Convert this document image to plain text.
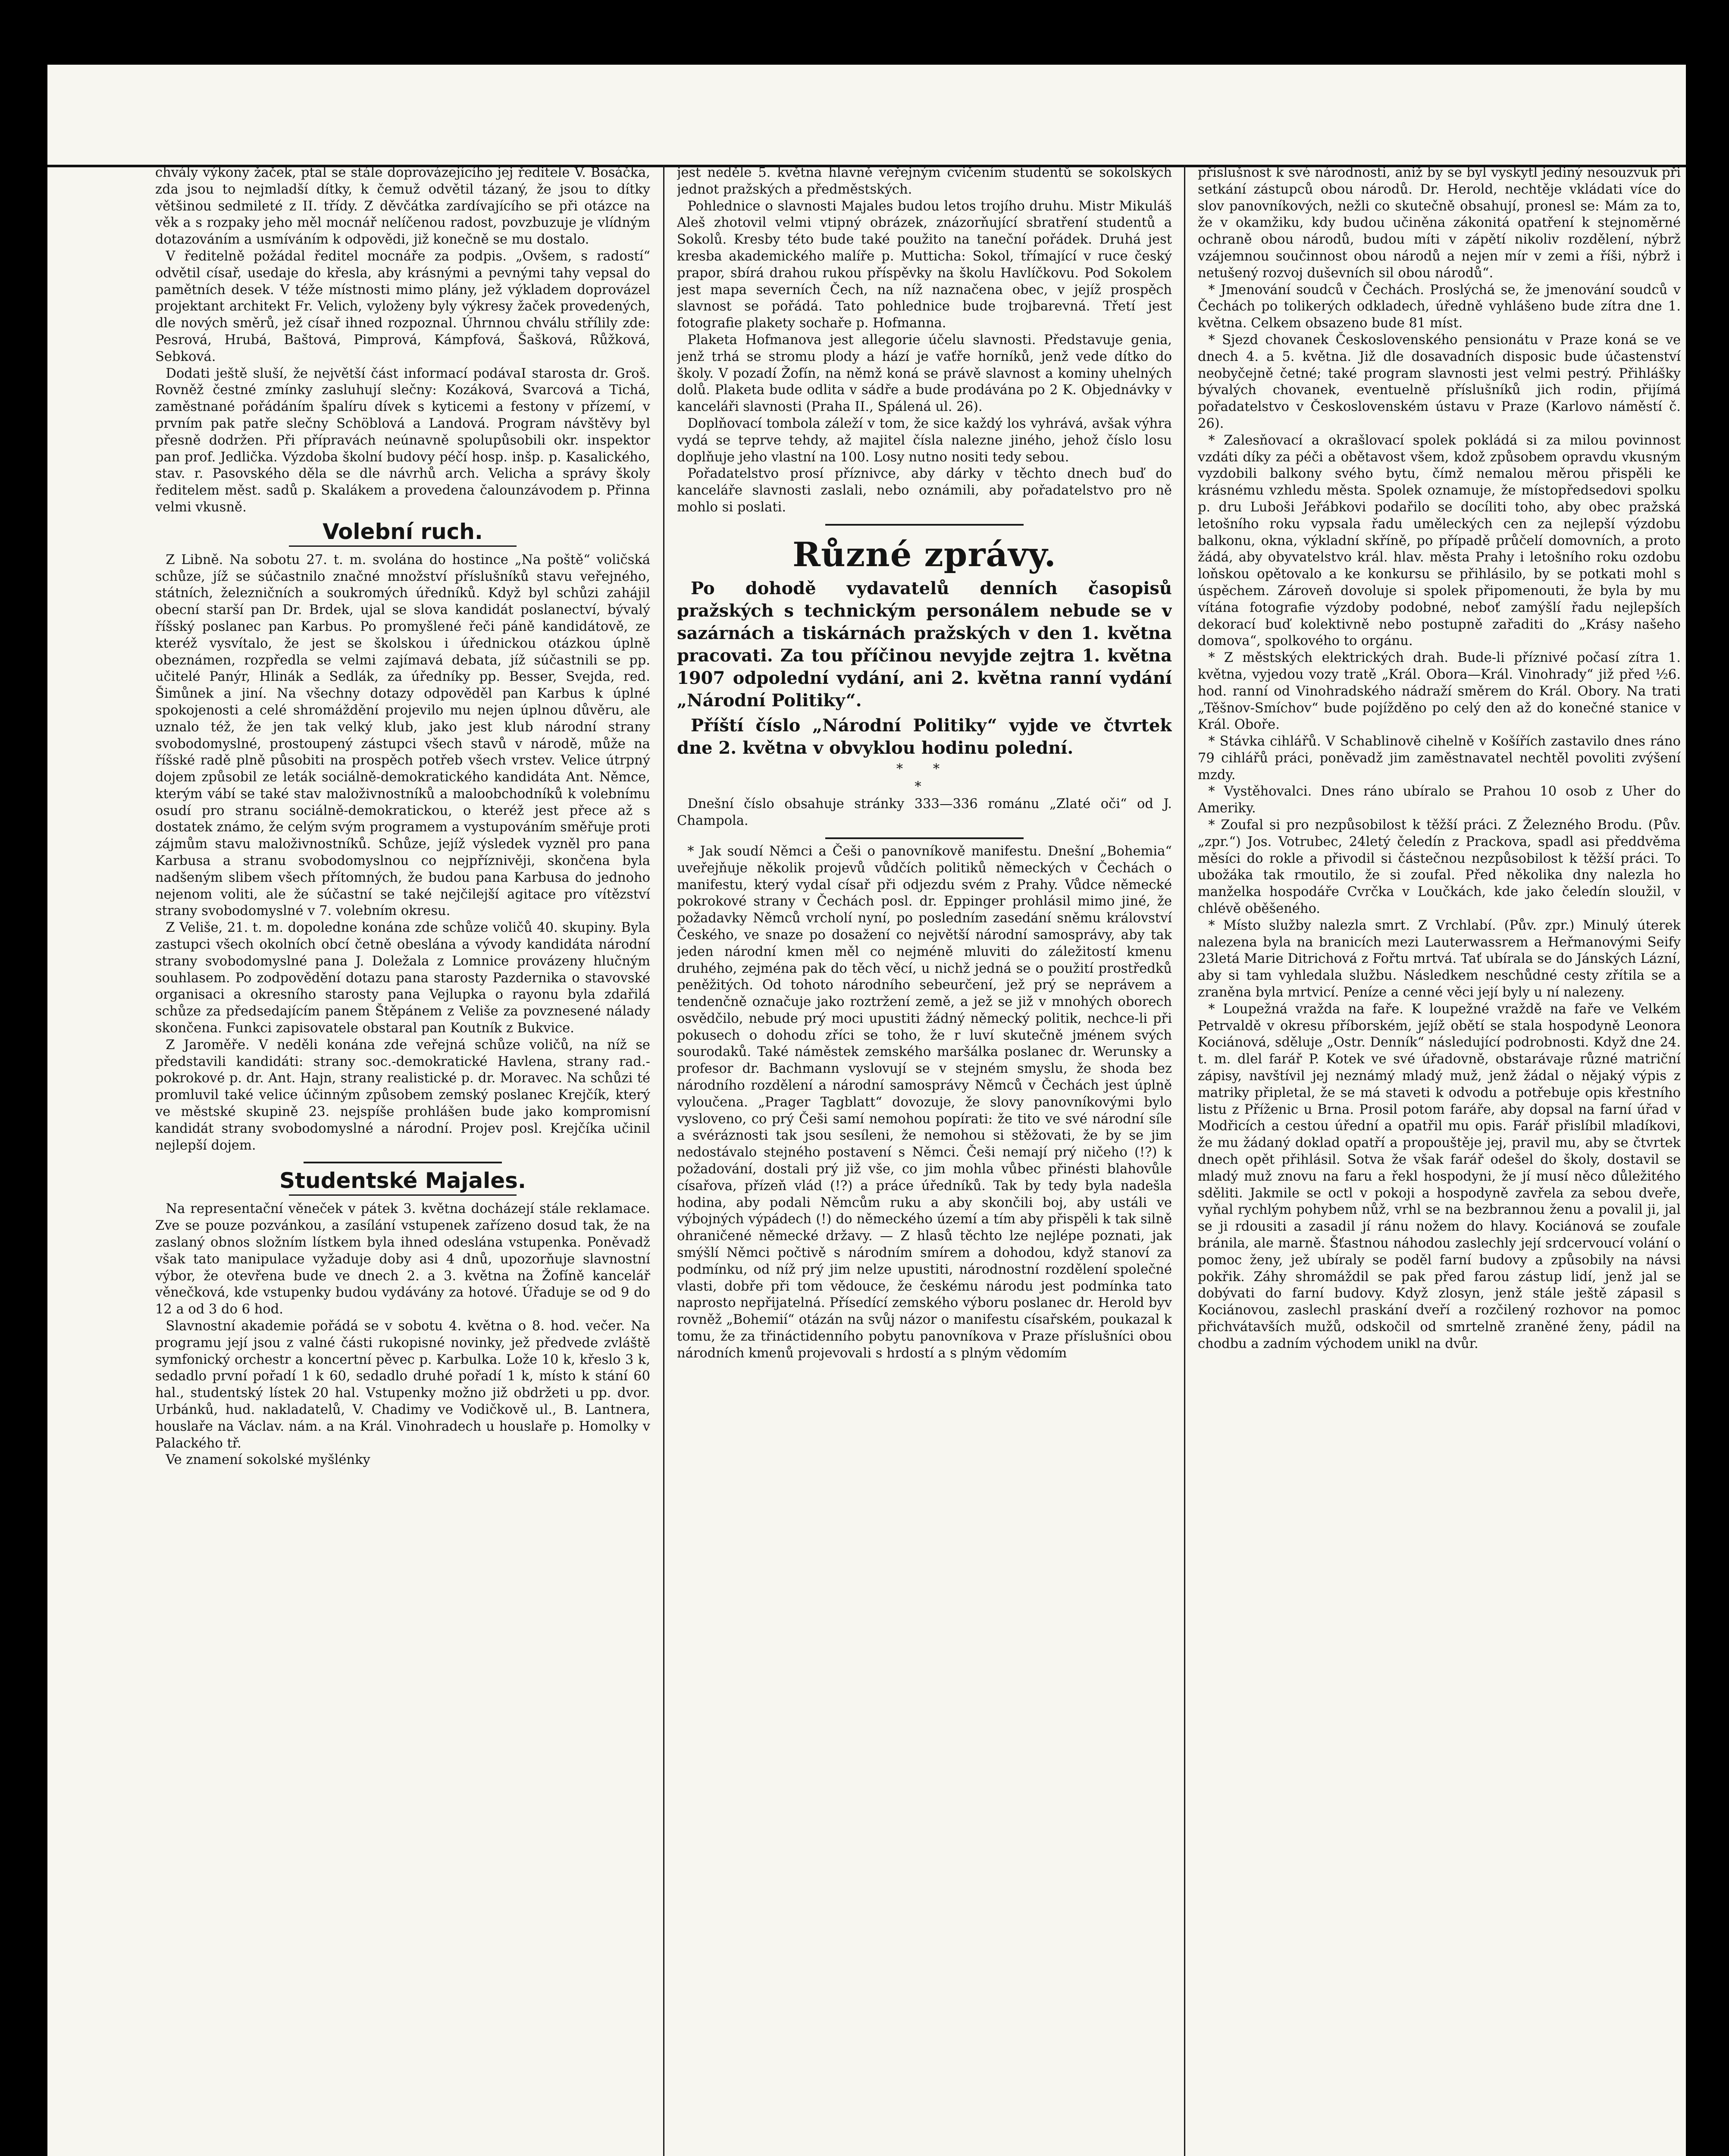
chvály výkony žaček, ptal se stále doprovázejícího jej ředitele V. Bosáčka, zda jsou to nejmladší dítky, k čemuž odvětil tázaný, že jsou to dítky většinou sedmileté z II. třídy. Z děvčátka zardívajícího se při otázce na věk a s rozpaky jeho měl mocnář nelíčenou radost, povzbuzuje je vlídným dotazováním a usmíváním k odpovědi, již konečně se mu dostalo.

V ředitelně požádal ředitel mocnáře za podpis. „Ovšem, s radostí“ odvětil císař, usedaje do křesla, aby krásnými a pevnými tahy vepsal do pamětních desek. V téže místnosti mimo plány, jež výkladem doprovázel projektant architekt Fr. Velich, vyloženy byly výkresy žaček provedených, dle nových směrů, jež císař ihned rozpoznal. Úhrnnou chválu střílily zde: Pesrová, Hrubá, Baštová, Pimprová, Kámpfová, Šašková, Růžková, Sebková.

Dodati ještě sluší, že největší část informací podávaI starosta dr. Groš. Rovněž čestné zmínky zasluhují slečny: Kozáková, Svarcová a Tichá, zaměstnané pořádáním špalíru dívek s kyticemi a festony v přízemí, v prvním pak patře slečny Schöblová a Landová. Program návštěvy byl přesně dodržen. Při přípravách neúnavně spolupůsobili okr. inspektor pan prof. Jedlička. Výzdoba školní budovy péčí hosp. inšp. p. Kasalického, stav. r. Pasovského děla se dle návrhů arch. Velicha a správy školy ředitelem měst. sadů p. Skalákem a provedena čalounzávodem p. Přinna velmi vkusně.

Volební ruch.

Z Libně. Na sobotu 27. t. m. svolána do hostince „Na poště“ voličská schůze, jíž se súčastnilo značné množství příslušníků stavu veřejného, státních, železničních a soukromých úředníků. Když byl schůzi zahájil obecní starší pan Dr. Brdek, ujal se slova kandidát poslanectví, bývalý říšský poslanec pan Karbus. Po promyšlené řeči páně kandidátově, ze kteréž vysvítalo, že jest se školskou i úřednickou otázkou úplně obeznámen, rozpředla se velmi zajímavá debata, jíž súčastnili se pp. učitelé Panýr, Hlinák a Sedlák, za úředníky pp. Besser, Svejda, red. Šimůnek a jiní. Na všechny dotazy odpověděl pan Karbus k úplné spokojenosti a celé shromáždění projevilo mu nejen úplnou důvěru, ale uznalo též, že jen tak velký klub, jako jest klub národní strany svobodomyslné, prostoupený zástupci všech stavů v národě, může na říšské radě plně působiti na prospěch potřeb všech vrstev. Velice útrpný dojem způsobil ze leták sociálně-demokratického kandidáta Ant. Němce, kterým vábí se také stav maloživnostníků a maloobchodníků k volebnímu osudí pro stranu sociálně-demokratickou, o kteréž jest přece až s dostatek známo, že celým svým programem a vystupováním směřuje proti zájmům stavu maloživnostníků. Schůze, jejíž výsledek vyzněl pro pana Karbusa a stranu svobodomyslnou co nejpříznivěji, skončena byla nadšeným slibem všech přítomných, že budou pana Karbusa do jednoho nejenom voliti, ale že súčastní se také nejčilejší agitace pro vítězství strany svobodomyslné v 7. volebním okresu.

Z Veliše, 21. t. m. dopoledne konána zde schůze voličů 40. skupiny. Byla zastupci všech okolních obcí četně obeslána a vývody kandidáta národní strany svobodomyslné pana J. Doležala z Lomnice provázeny hlučným souhlasem. Po zodpovědění dotazu pana starosty Pazdernika o stavovské organisaci a okresního starosty pana Vejlupka o rayonu byla zdařilá schůze za předsedajícím panem Štěpánem z Veliše za povznesené nálady skončena. Funkci zapisovatele obstaral pan Koutník z Bukvice.

Z Jaroměře. V neděli konána zde veřejná schůze voličů, na níž se představili kandidáti: strany soc.-demokratické Havlena, strany rad.-pokrokové p. dr. Ant. Hajn, strany realistické p. dr. Moravec. Na schůzi té promluvil také velice účinným způsobem zemský poslanec Krejčík, který ve městské skupině 23. nejspíše prohlášen bude jako kompromisní kandidát strany svobodomyslné a národní. Projev posl. Krejčíka učinil nejlepší dojem.

Studentské Majales.

Na representační věneček v pátek 3. května docházejí stále reklamace. Zve se pouze pozvánkou, a zasílání vstupenek zařízeno dosud tak, že na zaslaný obnos složním lístkem byla ihned odeslána vstupenka. Poněvadž však tato manipulace vyžaduje doby asi 4 dnů, upozorňuje slavnostní výbor, že otevřena bude ve dnech 2. a 3. května na Žofíně kancelář věnečková, kde vstupenky budou vydávány za hotové. Úřaduje se od 9 do 12 a od 3 do 6 hod.

Slavnostní akademie pořádá se v sobotu 4. května o 8. hod. večer. Na programu její jsou z valné části rukopisné novinky, jež předvede zvláště symfonický orchestr a koncertní pěvec p. Karbulka. Lože 10 k, křeslo 3 k, sedadlo první pořadí 1 k 60, sedadlo druhé pořadí 1 k, místo k stání 60 hal., studentský lístek 20 hal. Vstupenky možno již obdržeti u pp. dvor. Urbánků, hud. nakladatelů, V. Chadimy ve Vodičkově ul., B. Lantnera, houslaře na Václav. nám. a na Král. Vinohradech u houslaře p. Homolky v Palackého tř.

Ve znamení sokolské myšlénky

jest neděle 5. května hlavně veřejným cvičením studentů se sokolských jednot pražských a předměstských.

Pohlednice o slavnosti Majales budou letos trojího druhu. Mistr Mikuláš Aleš zhotovil velmi vtipný obrázek, znázorňující sbratření studentů a Sokolů. Kresby této bude také použito na taneční pořádek. Druhá jest kresba akademického malíře p. Mutticha: Sokol, třímající v ruce český prapor, sbírá drahou rukou příspěvky na školu Havlíčkovu. Pod Sokolem jest mapa severních Čech, na níž naznačena obec, v jejíž prospěch slavnost se pořádá. Tato pohlednice bude trojbarevná. Třetí jest fotografie plakety sochaře p. Hofmanna.

Plaketa Hofmanova jest allegorie účelu slavnosti. Představuje genia, jenž trhá se stromu plody a hází je vaťře horníků, jenž vede dítko do školy. V pozadí Žofín, na němž koná se právě slavnost a kominy uhelných dolů. Plaketa bude odlita v sádře a bude prodávána po 2 K. Objednávky v kanceláři slavnosti (Praha II., Spálená ul. 26).

Doplňovací tombola záleží v tom, že sice každý los vyhrává, avšak výhra vydá se teprve tehdy, až majitel čísla nalezne jiného, jehož číslo losu doplňuje jeho vlastní na 100. Losy nutno nositi tedy sebou.

Pořadatelstvo prosí příznivce, aby dárky v těchto dnech buď do kanceláře slavnosti zaslali, nebo oznámili, aby pořadatelstvo pro ně mohlo si poslati.

Různé zprávy.

Po dohodě vydavatelů denních časopisů pražských s technickým personálem nebude se v sazárnách a tiskárnách pražských v den 1. května pracovati. Za tou příčinou nevyjde zejtra 1. května 1907 odpolední vydání, ani 2. května ranní vydání „Národní Politiky“.

Příští číslo „Národní Politiky“ vyjde ve čtvrtek dne 2. května v obvyklou hodinu polední.

* *
*

Dnešní číslo obsahuje stránky 333—336 románu „Zlaté oči“ od J. Champola.

* Jak soudí Němci a Češi o panovníkově manifestu. Dnešní „Bohemia“ uveřejňuje několik projevů vůdčích politiků německých v Čechách o manifestu, který vydal císař při odjezdu svém z Prahy. Vůdce německé pokrokové strany v Čechách posl. dr. Eppinger prohlásil mimo jiné, že požadavky Němců vrcholí nyní, po posledním zasedání sněmu království Českého, ve snaze po dosažení co největší národní samosprávy, aby tak jeden národní kmen měl co nejméně mluviti do záležitostí kmenu druhého, zejména pak do těch věcí, u nichž jedná se o použití prostředků peněžitých. Od tohoto národního sebeurčení, jež prý se neprávem a tendenčně označuje jako roztržení země, a jež se již v mnohých oborech osvědčilo, nebude prý moci upustiti žádný německý politik, nechce-li při pokusech o dohodu zříci se toho, že r luví skutečně jménem svých sourodaků. Také náměstek zemského maršálka poslanec dr. Werunsky a profesor dr. Bachmann vyslovují se v stejném smyslu, že shoda bez národního rozdělení a národní samosprávy Němců v Čechách jest úplně vyloučena. „Prager Tagblatt“ dovozuje, že slovy panovníkovými bylo vysloveno, co prý Češi samí nemohou popírati: že tito ve své národní síle a svéráznosti tak jsou sesíleni, že nemohou si stěžovati, že by se jim nedostávalo stejného postavení s Němci. Češi nemají prý ničeho (!?) k požadování, dostali prý již vše, co jim mohla vůbec přinésti blahovůle císařova, přízeň vlád (!?) a práce úředníků. Tak by tedy byla nadešla hodina, aby podali Němcům ruku a aby skončili boj, aby ustáli ve výbojných výpádech (!) do německého území a tím aby přispěli k tak silně ohraničené německé državy. — Z hlasů těchto lze nejlépe poznati, jak smýšlí Němci počtivě s národním smírem a dohodou, když stanoví za podmínku, od níž prý jim nelze upustiti, národnostní rozdělení společné vlasti, dobře při tom vědouce, že českému národu jest podmínka tato naprosto nepřijatelná. Přísedící zemského výboru poslanec dr. Herold byv rovněž „Bohemií“ otázán na svůj názor o manifestu císařském, poukazal k tomu, že za třináctidenního pobytu panovníkova v Praze příslušníci obou národních kmenů projevovali s hrdostí a s plným vědomím

příslušnost k své národnosti, aniž by se byl vyskytl jediný nesouzvuk při setkání zástupců obou národů. Dr. Herold, nechtěje vkládati více do slov panovníkových, nežli co skutečně obsahují, pronesl se: Mám za to, že v okamžiku, kdy budou učiněna zákonitá opatření k stejnoměrné ochraně obou národů, budou míti v zápětí nikoliv rozdělení, nýbrž vzájemnou součinnost obou národů a nejen mír v zemi a říši, nýbrž i netušený rozvoj duševních sil obou národů“.

* Jmenování soudců v Čechách. Proslýchá se, že jmenování soudců v Čechách po tolikerých odkladech, úředně vyhlášeno bude zítra dne 1. května. Celkem obsazeno bude 81 míst.

* Sjezd chovanek Československého pensionátu v Praze koná se ve dnech 4. a 5. května. Již dle dosavadních disposic bude účastenství neobyčejně četné; také program slavnosti jest velmi pestrý. Přihlášky bývalých chovanek, eventuelně příslušníků jich rodin, přijímá pořadatelstvo v Československém ústavu v Praze (Karlovo náměstí č. 26).

* Zalesňovací a okrašlovací spolek pokládá si za milou povinnost vzdáti díky za péči a obětavost všem, kdož způsobem opravdu vkusným vyzdobili balkony svého bytu, čímž nemalou měrou přispěli ke krásnému vzhledu města. Spolek oznamuje, že místopředsedovi spolku p. dru Luboši Jeřábkovi podařilo se docíliti toho, aby obec pražská letošního roku vypsala řadu uměleckých cen za nejlepší výzdobu balkonu, okna, výkladní skříně, po případě průčelí domovních, a proto žádá, aby obyvatelstvo král. hlav. města Prahy i letošního roku ozdobu loňskou opětovalo a ke konkursu se přihlásilo, by se potkati mohl s úspěchem. Zároveň dovoluje si spolek připomenouti, že byla by mu vítána fotografie výzdoby podobné, neboť zamýšlí řadu nejlepších dekorací buď kolektivně nebo postupně zařaditi do „Krásy našeho domova“, spolkového to orgánu.

* Z městských elektrických drah. Bude-li příznivé počasí zítra 1. května, vyjedou vozy tratě „Král. Obora—Král. Vinohrady“ již před ½6. hod. ranní od Vinohradského nádraží směrem do Král. Obory. Na trati „Těšnov-Smíchov“ bude pojížděno po celý den až do konečné stanice v Král. Oboře.

* Stávka cihlářů. V Schablinově cihelně v Košířích zastavilo dnes ráno 79 cihlářů práci, poněvadž jim zaměstnavatel nechtěl povoliti zvýšení mzdy.

* Vystěhovalci. Dnes ráno ubíralo se Prahou 10 osob z Uher do Ameriky.

* Zoufal si pro nezpůsobilost k těžší práci. Z Železného Brodu. (Pův. „zpr.“) Jos. Votrubec, 24letý čeledín z Prackova, spadl asi předdvěma měsíci do rokle a přivodil si částečnou nezpůsobilost k těžší práci. To ubožáka tak rmoutilo, že si zoufal. Před několika dny nalezla ho manželka hospodáře Cvrčka v Loučkách, kde jako čeledín sloužil, v chlévě oběšeného.

* Místo služby nalezla smrt. Z Vrchlabí. (Pův. zpr.) Minulý úterek nalezena byla na branicích mezi Lauterwassrem a Heřmanovými Seify 23letá Marie Ditrichová z Fořtu mrtvá. Tať ubírala se do Jánských Lázní, aby si tam vyhledala službu. Následkem neschůdné cesty zřítila se a zraněna byla mrtvicí. Peníze a cenné věci její byly u ní nalezeny.

* Loupežná vražda na faře. K loupežné vraždě na faře ve Velkém Petrvaldě v okresu příborském, jejíž obětí se stala hospodyně Leonora Kociánová, sděluje „Ostr. Denník“ následující podrobnosti. Když dne 24. t. m. dlel farář P. Kotek ve své úřadovně, obstarávaje různé matriční zápisy, navštívil jej neznámý mladý muž, jenž žádal o nějaký výpis z matriky připletal, že se má staveti k odvodu a potřebuje opis křestního listu z Příženic u Brna. Prosil potom faráře, aby dopsal na farní úřad v Modřicích a cestou úřední a opatřil mu opis. Farář přislíbil mladíkovi, že mu žádaný doklad opatří a propouštěje jej, pravil mu, aby se čtvrtek dnech opět přihlásil. Sotva že však farář odešel do školy, dostavil se mladý muž znovu na faru a řekl hospodyni, že jí musí něco důležitého sděliti. Jakmile se octl v pokoji a hospodyně zavřela za sebou dveře, vyňal rychlým pohybem nůž, vrhl se na bezbrannou ženu a povalil ji, jal se ji rdousiti a zasadil jí ránu nožem do hlavy. Kociánová se zoufale bránila, ale marně. Šťastnou náhodou zaslechly její srdcervoucí volání o pomoc ženy, jež ubíraly se poděl farní budovy a způsobily na návsi pokřik. Záhy shromáždil se pak před farou zástup lidí, jenž jal se dobývati do farní budovy. Když zlosyn, jenž stále ještě zápasil s Kociánovou, zaslechl praskání dveří a rozčilený rozhovor na pomoc přichvátavších mužů, odskočil od smrtelně zraněné ženy, pádil na chodbu a zadním východem unikl na dvůr.
